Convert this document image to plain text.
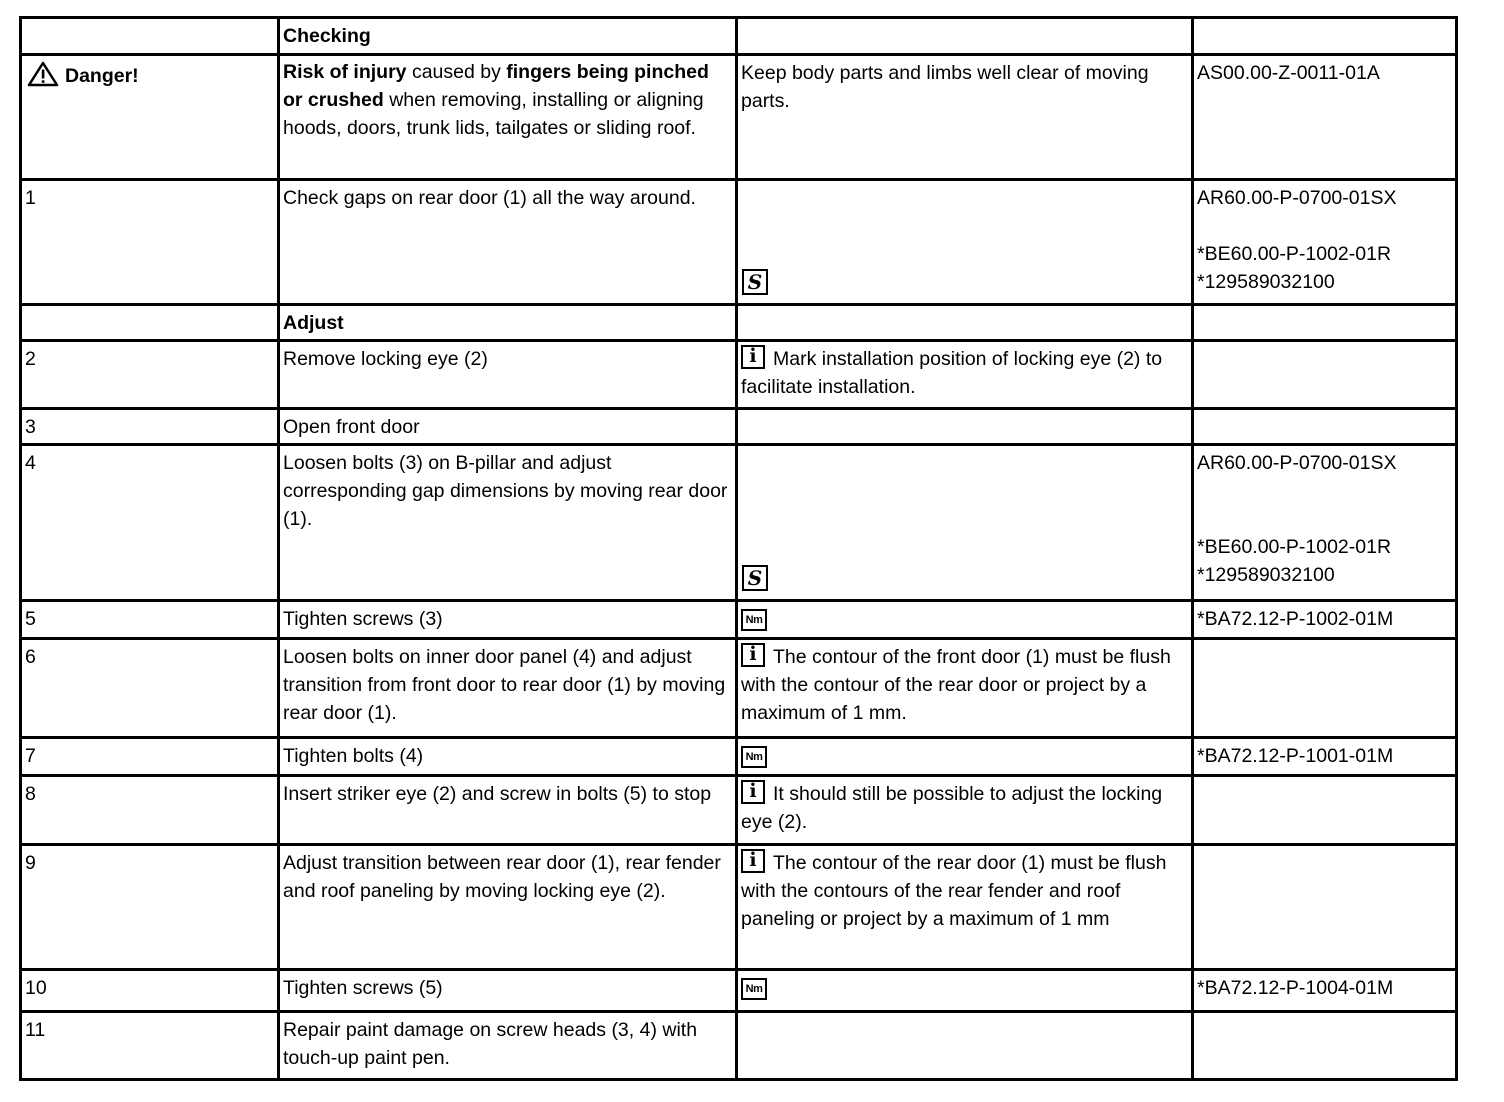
	Checking		
Danger!	Risk of injury caused by fingers being pinched or crushed when removing, installing or aligning hoods, doors, trunk lids, tailgates or sliding roof.	Keep body parts and limbs well clear of moving parts.	AS00.00-Z-0011-01A
1	Check gaps on rear door (1) all the way around.	S	AR60.00-P-0700-01SX
*BE60.00-P-1002-01R
*129589032100

	Adjust		
2	Remove locking eye (2)	i Mark installation position of locking eye (2) to facilitate installation.	
3	Open front door		
4	Loosen bolts (3) on B-pillar and adjust corresponding gap dimensions by moving rear door (1).	S	AR60.00-P-0700-01SX
*BE60.00-P-1002-01R
*129589032100

5	Tighten screws (3)	Nm	*BA72.12-P-1002-01M
6	Loosen bolts on inner door panel (4) and adjust transition from front door to rear door (1) by moving rear door (1).	i The contour of the front door (1) must be flush with the contour of the rear door or project by a maximum of 1 mm.	
7	Tighten bolts (4)	Nm	*BA72.12-P-1001-01M
8	Insert striker eye (2) and screw in bolts (5) to stop	i It should still be possible to adjust the locking eye (2).	
9	Adjust transition between rear door (1), rear fender and roof paneling by moving locking eye (2).	i The contour of the rear door (1) must be flush with the contours of the rear fender and roof paneling or project by a maximum of 1 mm	
10	Tighten screws (5)	Nm	*BA72.12-P-1004-01M
11	Repair paint damage on screw heads (3, 4) with touch-up paint pen.		
